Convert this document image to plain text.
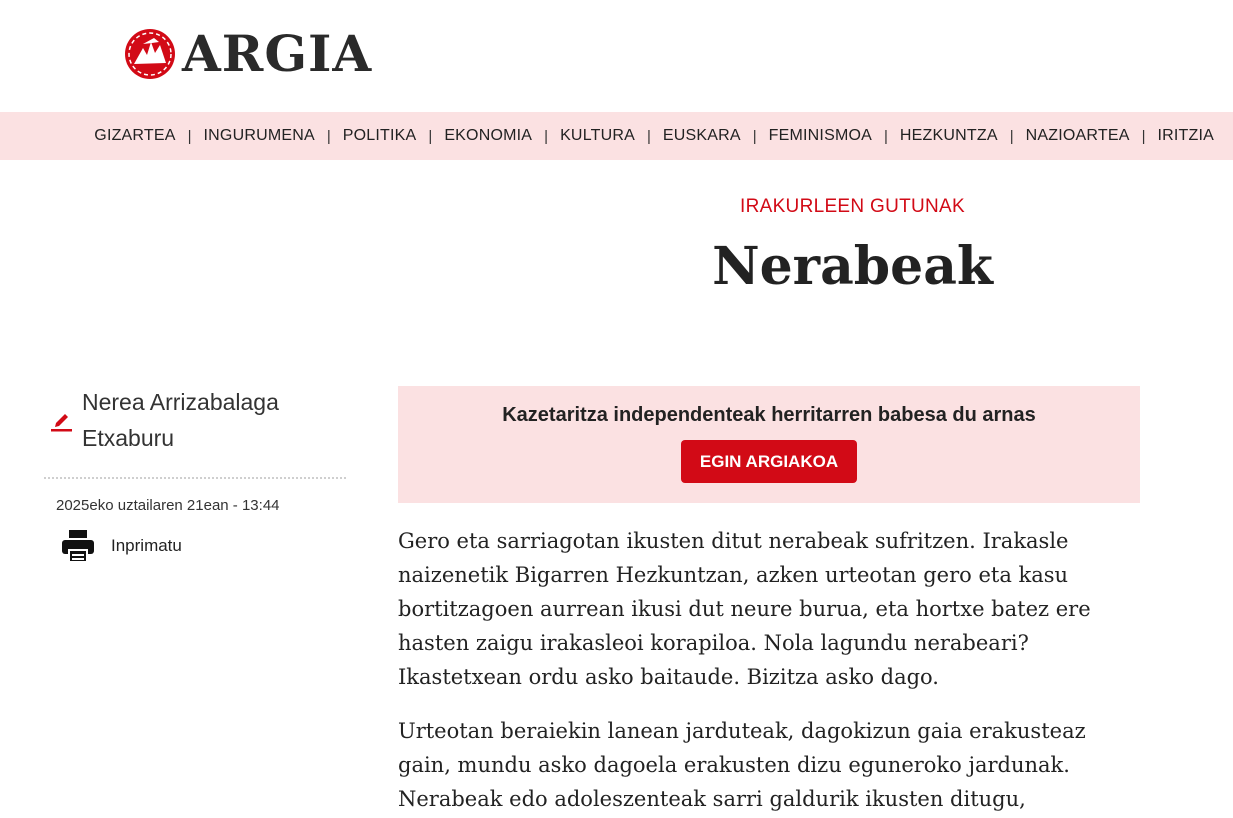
ARGIA
GIZARTEA | INGURUMENA | POLITIKA | EKONOMIA | KULTURA | EUSKARA | FEMINISMOA | HEZKUNTZA | NAZIOARTEA | IRITZIA
IRAKURLEEN GUTUNAK
Nerabeak
Nerea Arrizabalaga Etxaburu
2025eko uztailaren 21ean - 13:44
Inprimatu
Kazetaritza independenteak herritarren babesa du arnas
EGIN ARGIAKOA

Gero eta sarriagotan ikusten ditut nerabeak sufritzen. Irakasle naizenetik Bigarren Hezkuntzan, azken urteotan gero eta kasu bortitzagoen aurrean ikusi dut neure burua, eta hortxe batez ere hasten zaigu irakasleoi korapiloa. Nola lagundu nerabeari? Ikastetxean ordu asko baitaude. Bizitza asko dago.

Urteotan beraiekin lanean jarduteak, dagokizun gaia erakusteaz gain, mundu asko dagoela erakusten dizu eguneroko jardunak. Nerabeak edo adoleszenteak sarri galdurik ikusten ditugu,
